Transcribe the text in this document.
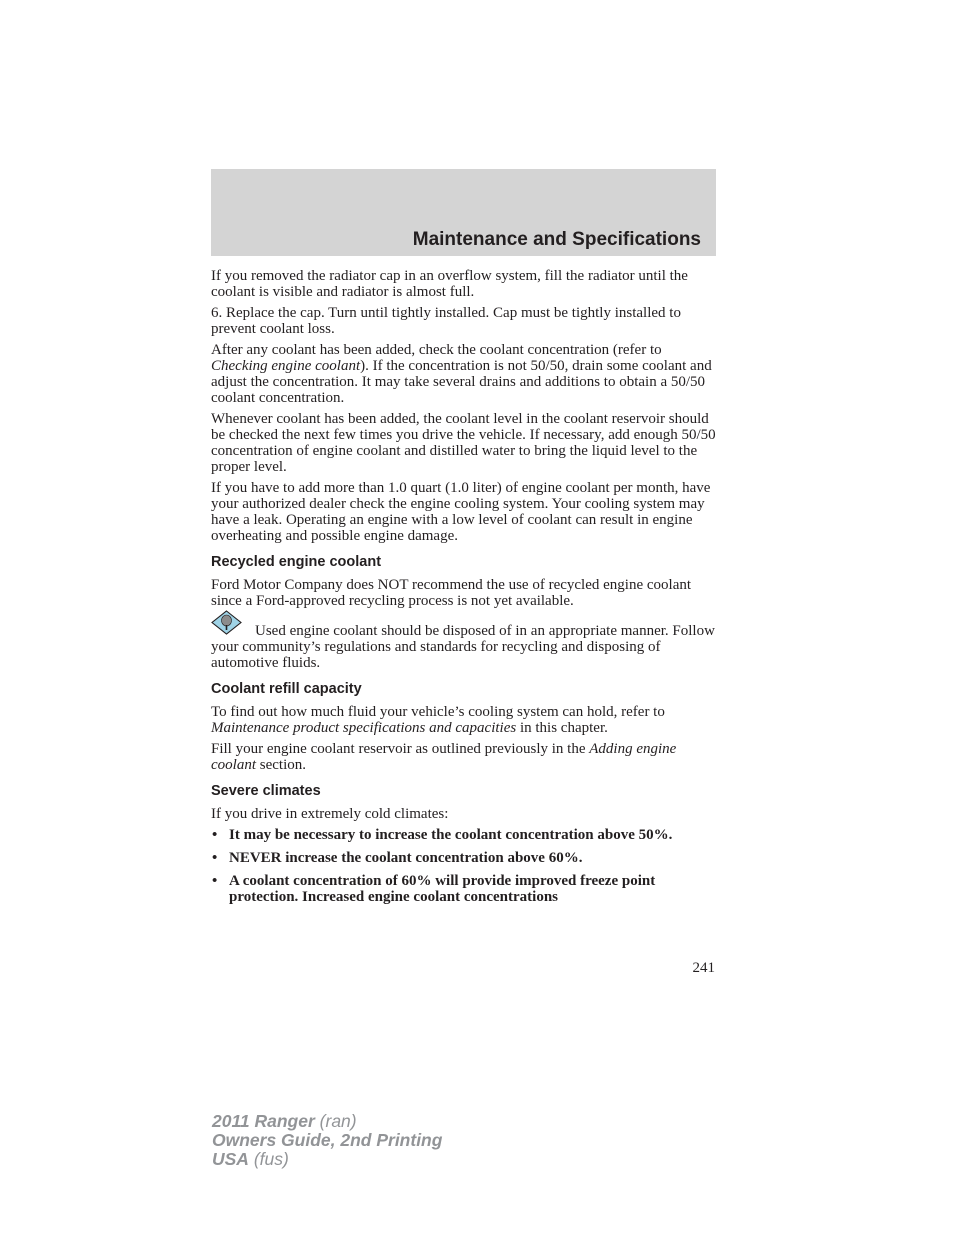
Maintenance and Specifications

If you removed the radiator cap in an overflow system, fill the radiator until the coolant is visible and radiator is almost full.

6. Replace the cap. Turn until tightly installed. Cap must be tightly installed to prevent coolant loss.

After any coolant has been added, check the coolant concentration (refer to Checking engine coolant). If the concentration is not 50/50, drain some coolant and adjust the concentration. It may take several drains and additions to obtain a 50/50 coolant concentration.

Whenever coolant has been added, the coolant level in the coolant reservoir should be checked the next few times you drive the vehicle. If necessary, add enough 50/50 concentration of engine coolant and distilled water to bring the liquid level to the proper level.

If you have to add more than 1.0 quart (1.0 liter) of engine coolant per month, have your authorized dealer check the engine cooling system. Your cooling system may have a leak. Operating an engine with a low level of coolant can result in engine overheating and possible engine damage.

Recycled engine coolant

Ford Motor Company does NOT recommend the use of recycled engine coolant since a Ford-approved recycling process is not yet available.

Used engine coolant should be disposed of in an appropriate manner. Follow your community’s regulations and standards for recycling and disposing of automotive fluids.

Coolant refill capacity

To find out how much fluid your vehicle’s cooling system can hold, refer to Maintenance product specifications and capacities in this chapter.

Fill your engine coolant reservoir as outlined previously in the Adding engine coolant section.

Severe climates

If you drive in extremely cold climates:

• It may be necessary to increase the coolant concentration above 50%.
• NEVER increase the coolant concentration above 60%.
• A coolant concentration of 60% will provide improved freeze point protection. Increased engine coolant concentrations
241
2011 Ranger (ran)
Owners Guide, 2nd Printing
USA (fus)
